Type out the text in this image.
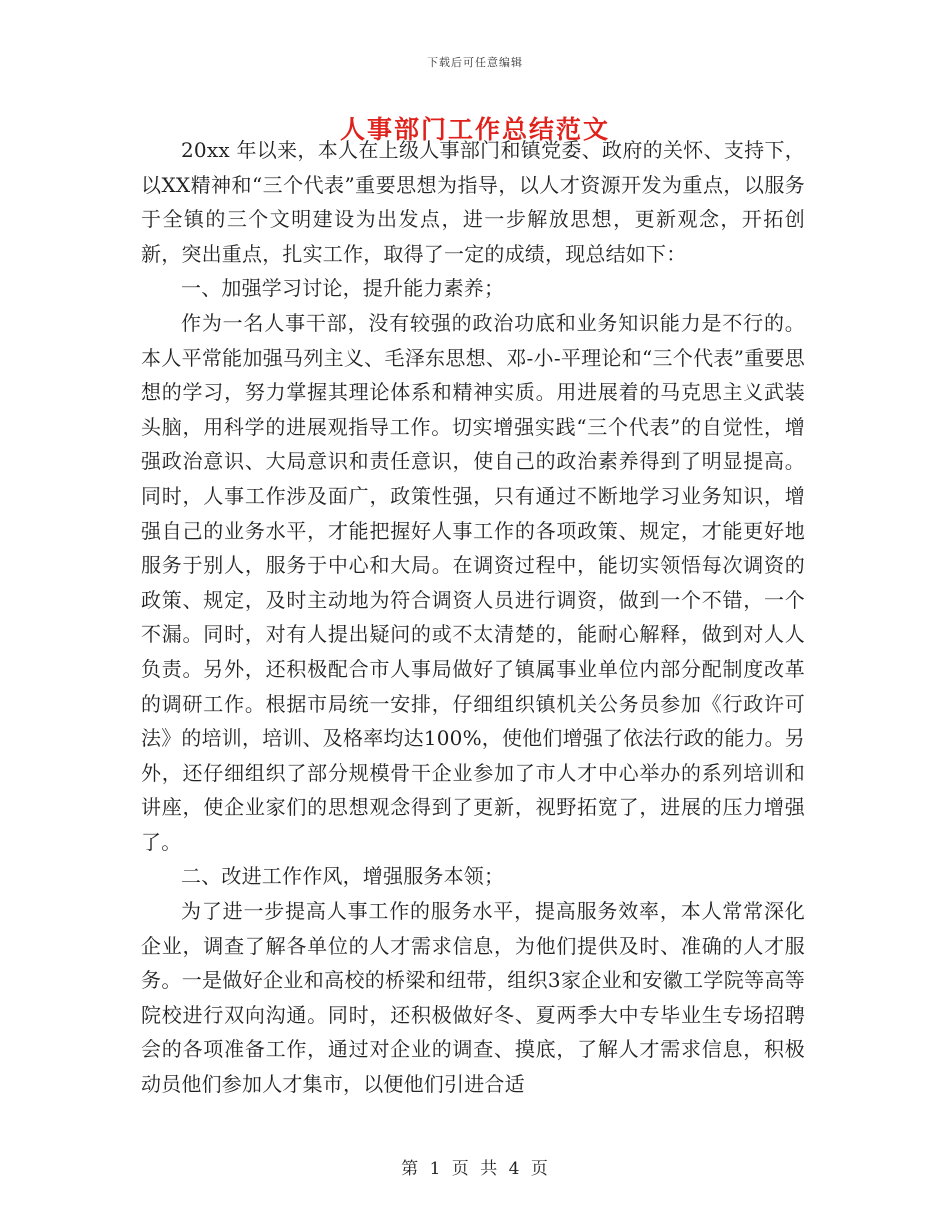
下载后可任意编辑
人事部门工作总结范文

20xx 年以来，本人在上级人事部门和镇党委、政府的关怀、支持下，以XX精神和“三个代表”重要思想为指导，以人才资源开发为重点，以服务于全镇的三个文明建设为出发点，进一步解放思想，更新观念，开拓创新，突出重点，扎实工作，取得了一定的成绩，现总结如下：

一、加强学习讨论，提升能力素养；

作为一名人事干部，没有较强的政治功底和业务知识能力是不行的。本人平常能加强马列主义、毛泽东思想、邓-小-平理论和“三个代表”重要思想的学习，努力掌握其理论体系和精神实质。用进展着的马克思主义武装头脑，用科学的进展观指导工作。切实增强实践“三个代表”的自觉性，增强政治意识、大局意识和责任意识，使自己的政治素养得到了明显提高。同时，人事工作涉及面广，政策性强，只有通过不断地学习业务知识，增强自己的业务水平，才能把握好人事工作的各项政策、规定，才能更好地服务于别人，服务于中心和大局。在调资过程中，能切实领悟每次调资的政策、规定，及时主动地为符合调资人员进行调资，做到一个不错，一个不漏。同时，对有人提出疑问的或不太清楚的，能耐心解释，做到对人人负责。另外，还积极配合市人事局做好了镇属事业单位内部分配制度改革的调研工作。根据市局统一安排，仔细组织镇机关公务员参加《行政许可法》的培训，培训、及格率均达100%，使他们增强了依法行政的能力。另外，还仔细组织了部分规模骨干企业参加了市人才中心举办的系列培训和讲座，使企业家们的思想观念得到了更新，视野拓宽了，进展的压力增强了。

二、改进工作作风，增强服务本领；

为了进一步提高人事工作的服务水平，提高服务效率，本人常常深化企业，调查了解各单位的人才需求信息，为他们提供及时、准确的人才服务。一是做好企业和高校的桥梁和纽带，组织3家企业和安徽工学院等高等院校进行双向沟通。同时，还积极做好冬、夏两季大中专毕业生专场招聘会的各项准备工作，通过对企业的调查、摸底，了解人才需求信息，积极动员他们参加人才集市，以便他们引进合适

第 1 页 共 4 页
